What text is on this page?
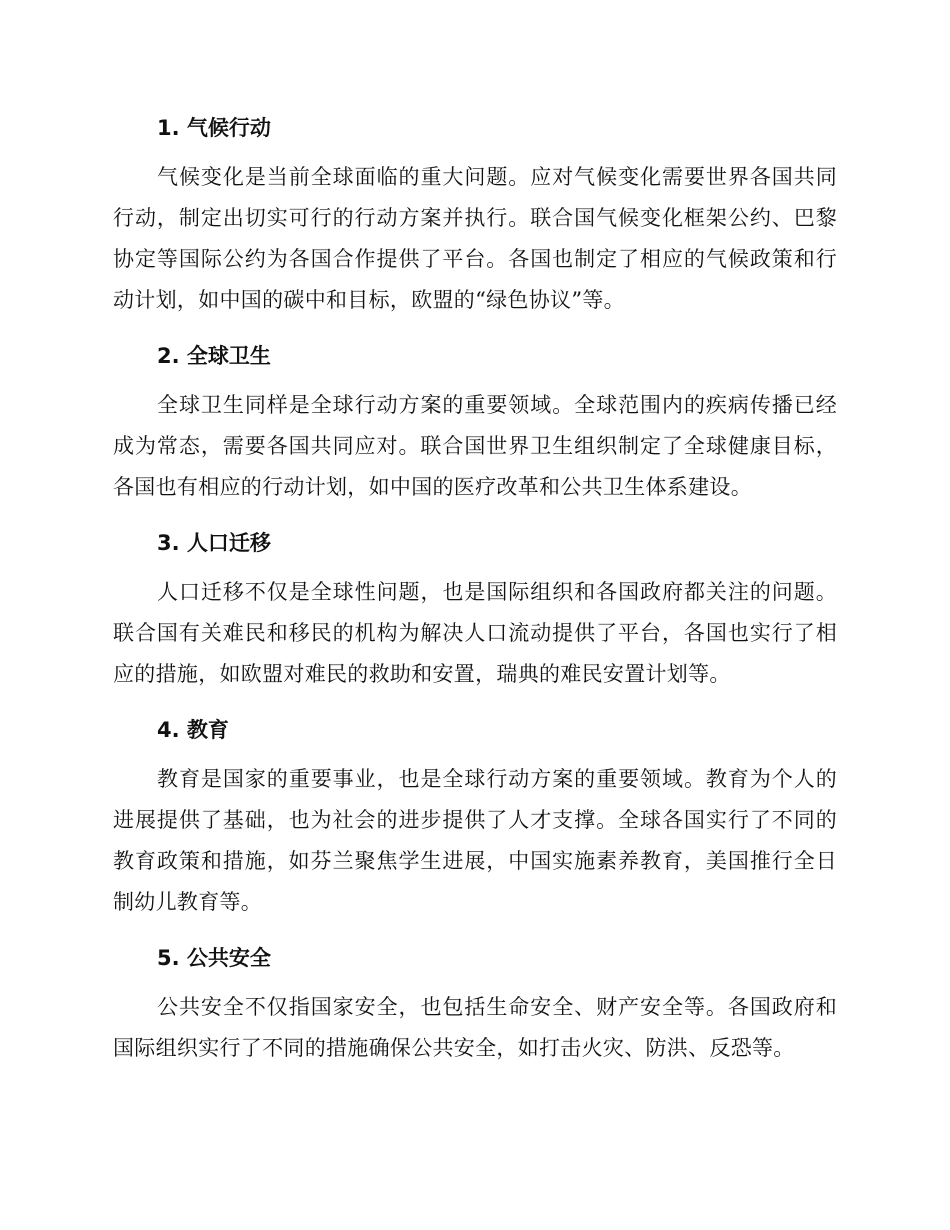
1. 气候行动

气候变化是当前全球面临的重大问题。应对气候变化需要世界各国共同行动，制定出切实可行的行动方案并执行。联合国气候变化框架公约、巴黎协定等国际公约为各国合作提供了平台。各国也制定了相应的气候政策和行动计划，如中国的碳中和目标，欧盟的“绿色协议”等。

2. 全球卫生

全球卫生同样是全球行动方案的重要领域。全球范围内的疾病传播已经成为常态，需要各国共同应对。联合国世界卫生组织制定了全球健康目标，各国也有相应的行动计划，如中国的医疗改革和公共卫生体系建设。

3. 人口迁移

人口迁移不仅是全球性问题，也是国际组织和各国政府都关注的问题。联合国有关难民和移民的机构为解决人口流动提供了平台，各国也实行了相应的措施，如欧盟对难民的救助和安置，瑞典的难民安置计划等。

4. 教育

教育是国家的重要事业，也是全球行动方案的重要领域。教育为个人的进展提供了基础，也为社会的进步提供了人才支撑。全球各国实行了不同的教育政策和措施，如芬兰聚焦学生进展，中国实施素养教育，美国推行全日制幼儿教育等。

5. 公共安全

公共安全不仅指国家安全，也包括生命安全、财产安全等。各国政府和国际组织实行了不同的措施确保公共安全，如打击火灾、防洪、反恐等。
